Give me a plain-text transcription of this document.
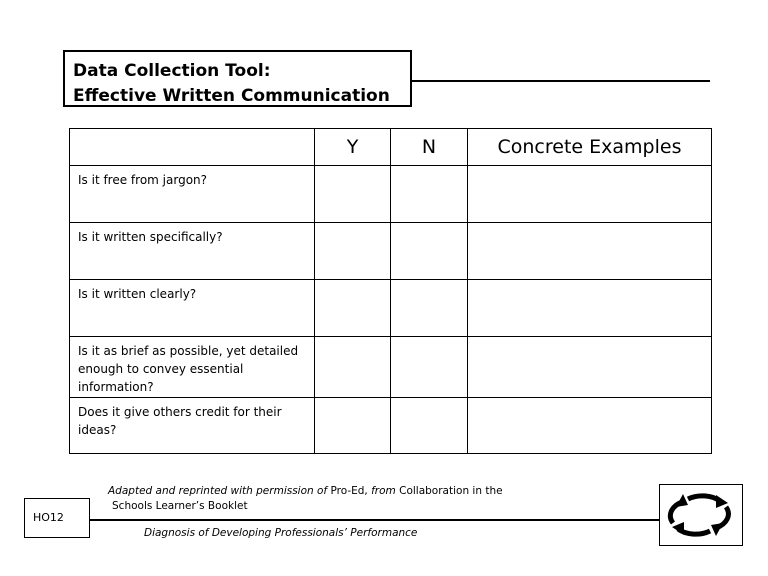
Data Collection Tool:
Effective Written Communication
	Y	N	Concrete Examples
Is it free from jargon?			
Is it written specifically?			
Is it written clearly?			
Is it as brief as possible, yet detailed enough to convey essential information?			
Does it give others credit for their ideas?			
Adapted and reprinted with permission of Pro-Ed, from Collaboration in the
Schools Learner’s Booklet
HO12
Diagnosis of Developing Professionals’ Performance
